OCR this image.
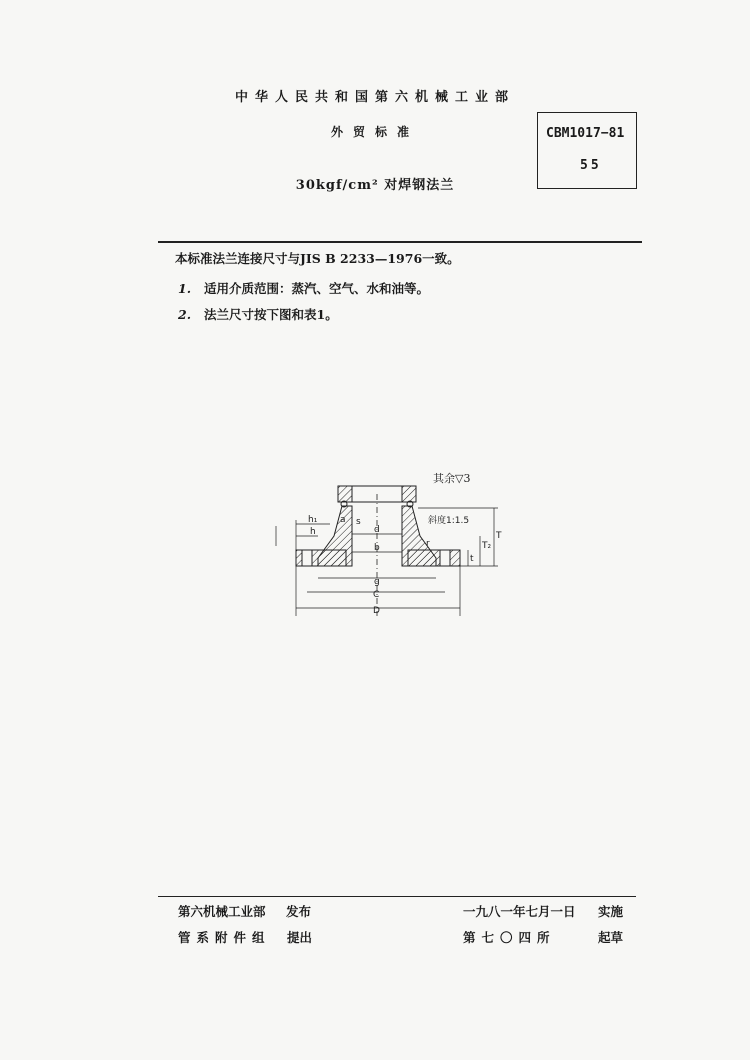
中华人民共和国第六机械工业部
外贸标准
30kgf/cm² 对焊钢法兰
CBM1017−81
55
本标准法兰连接尺寸与JIS B 2233—1976一致。
1. 适用介质范围：蒸汽、空气、水和油等。
2. 法兰尺寸按下图和表1。
其余▽3
斜度1:1.5
h₁
h
a s
d
b	r
g
C
D
t
T₂
T
第六机械工业部 发布
管系附件组 提出
一九八一年七月一日 实施
第七〇四所	起草
